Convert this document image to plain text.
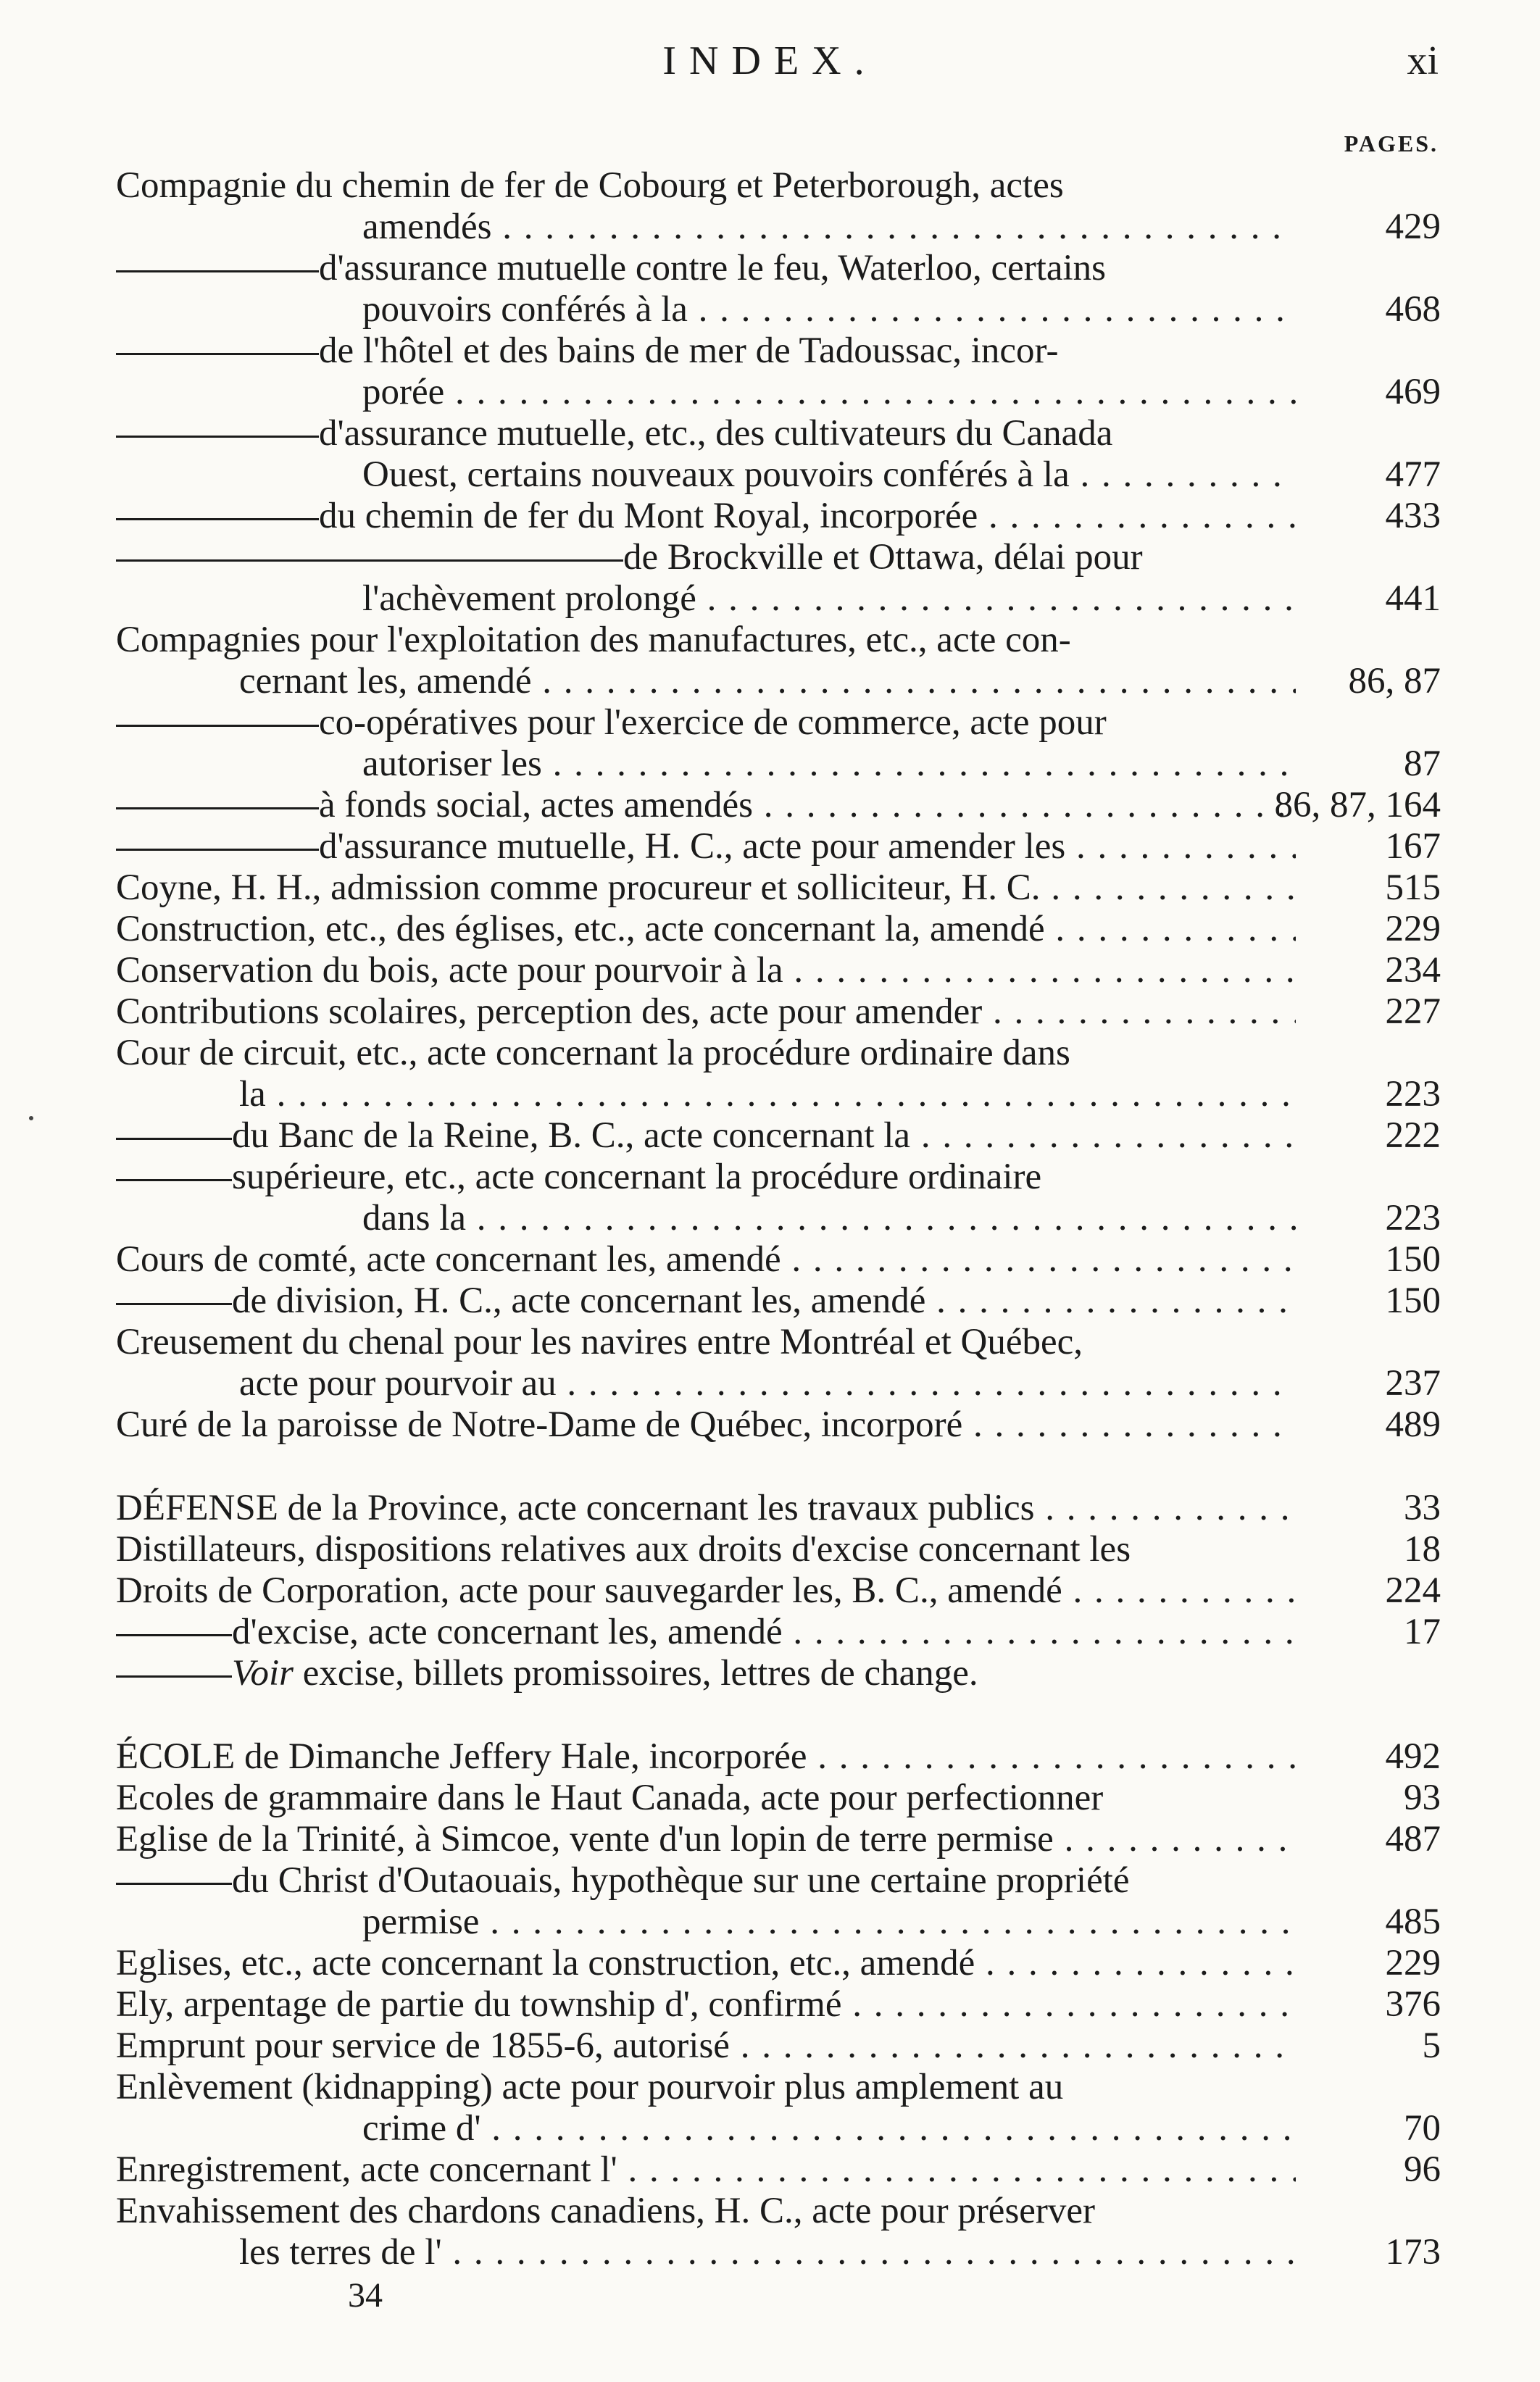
INDEX.	xi
PAGES.
Compagnie du chemin de fer de Cobourg et Peterborough, actes
amendés . . .	429
d'assurance mutuelle contre le feu, Waterloo, certains
pouvoirs conférés à la . . .	468
de l'hôtel et des bains de mer de Tadoussac, incor-
porée . . .	469
d'assurance mutuelle, etc., des cultivateurs du Canada
Ouest, certains nouveaux pouvoirs conférés à la . . .	477
du chemin de fer du Mont Royal, incorporée . . .	433
de Brockville et Ottawa, délai pour
l'achèvement prolongé . . .	441
Compagnies pour l'exploitation des manufactures, etc., acte con-
cernant les, amendé . . .	86, 87
co-opératives pour l'exercice de commerce, acte pour
autoriser les . . .	87
à fonds social, actes amendés . . .	86, 87, 164
d'assurance mutuelle, H. C., acte pour amender les . . .	167
Coyne, H. H., admission comme procureur et solliciteur, H. C. . . .	515
Construction, etc., des églises, etc., acte concernant la, amendé . . .	229
Conservation du bois, acte pour pourvoir à la . . .	234
Contributions scolaires, perception des, acte pour amender . . .	227
Cour de circuit, etc., acte concernant la procédure ordinaire dans
la . . .	223
du Banc de la Reine, B. C., acte concernant la . . .	222
supérieure, etc., acte concernant la procédure ordinaire
dans la . . .	223
Cours de comté, acte concernant les, amendé . . .	150
de division, H. C., acte concernant les, amendé . . .	150
Creusement du chenal pour les navires entre Montréal et Québec,
acte pour pourvoir au . . .	237
Curé de la paroisse de Notre-Dame de Québec, incorporé . . .	489
DÉFENSE de la Province, acte concernant les travaux publics . . .	33
Distillateurs, dispositions relatives aux droits d'excise concernant les	18
Droits de Corporation, acte pour sauvegarder les, B. C., amendé . . .	224
d'excise, acte concernant les, amendé . . .	17
Voir excise, billets promissoires, lettres de change.
ÉCOLE de Dimanche Jeffery Hale, incorporée . . .	492
Ecoles de grammaire dans le Haut Canada, acte pour perfectionner	93
Eglise de la Trinité, à Simcoe, vente d'un lopin de terre permise . . .	487
du Christ d'Outaouais, hypothèque sur une certaine propriété
permise . . .	485
Eglises, etc., acte concernant la construction, etc., amendé . . .	229
Ely, arpentage de partie du township d', confirmé . . .	376
Emprunt pour service de 1855-6, autorisé . . .	5
Enlèvement (kidnapping) acte pour pourvoir plus amplement au
crime d' . . .	70
Enregistrement, acte concernant l' . . .	96
Envahissement des chardons canadiens, H. C., acte pour préserver
les terres de l' . . .	173
34
